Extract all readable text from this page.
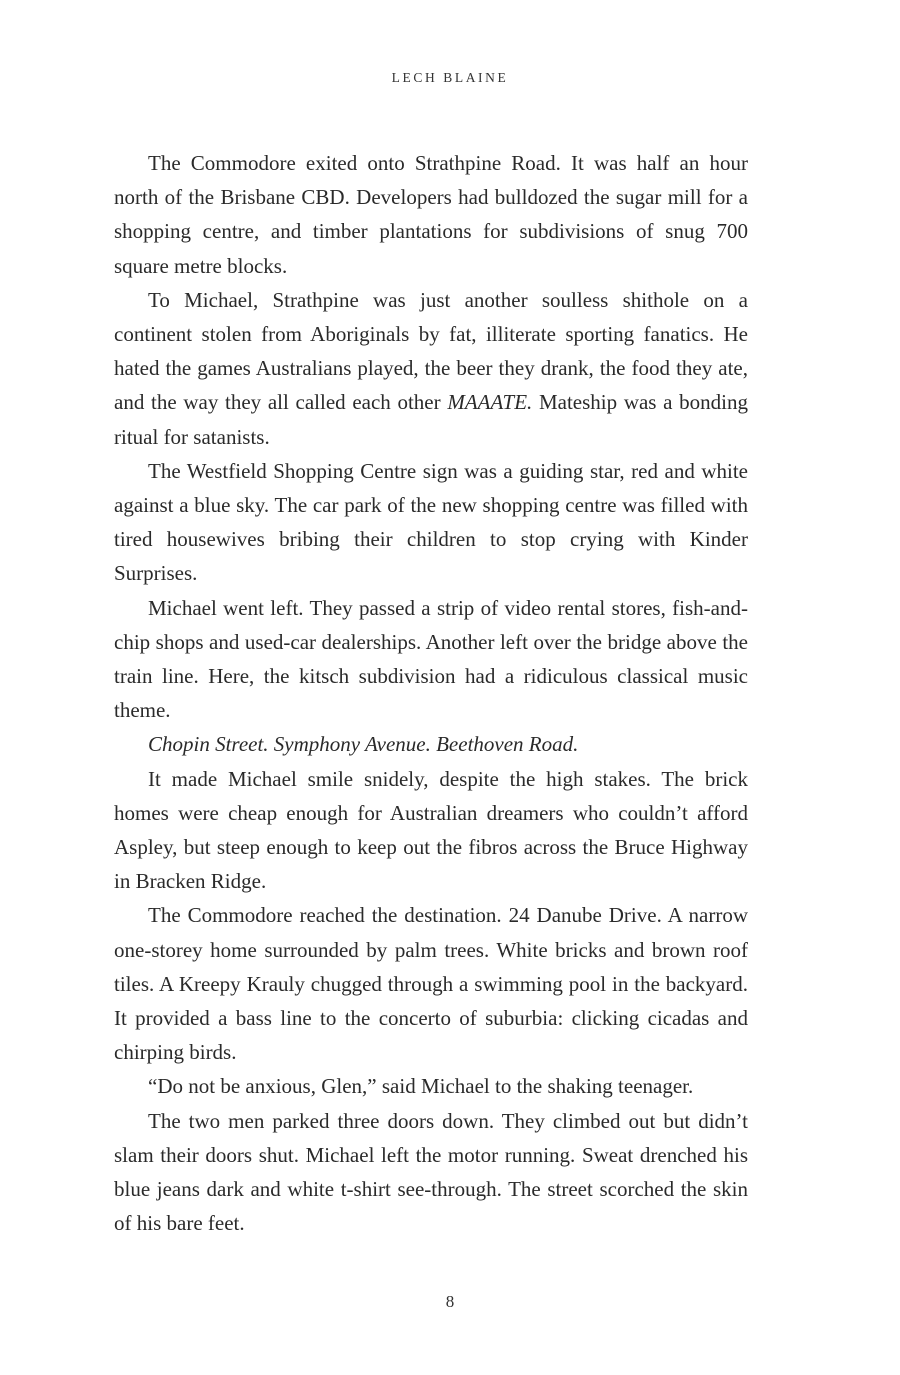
LECH BLAINE

The Commodore exited onto Strathpine Road. It was half an hour north of the Brisbane CBD. Developers had bulldozed the sugar mill for a shopping centre, and timber plantations for subdivisions of snug 700 square metre blocks.

To Michael, Strathpine was just another soulless shithole on a continent stolen from Aboriginals by fat, illiterate sporting fanatics. He hated the games Australians played, the beer they drank, the food they ate, and the way they all called each other MAAATE. Mateship was a bonding ritual for satanists.

The Westfield Shopping Centre sign was a guiding star, red and white against a blue sky. The car park of the new shopping centre was filled with tired housewives bribing their children to stop crying with Kinder Surprises.

Michael went left. They passed a strip of video rental stores, fish-and-chip shops and used-car dealerships. Another left over the bridge above the train line. Here, the kitsch subdivision had a ridiculous classical music theme.

Chopin Street. Symphony Avenue. Beethoven Road.

It made Michael smile snidely, despite the high stakes. The brick homes were cheap enough for Australian dreamers who couldn’t afford Aspley, but steep enough to keep out the fibros across the Bruce Highway in Bracken Ridge.

The Commodore reached the destination. 24 Danube Drive. A narrow one-storey home surrounded by palm trees. White bricks and brown roof tiles. A Kreepy Krauly chugged through a swimming pool in the backyard. It provided a bass line to the concerto of suburbia: clicking cicadas and chirping birds.

“Do not be anxious, Glen,” said Michael to the shaking teenager.

The two men parked three doors down. They climbed out but didn’t slam their doors shut. Michael left the motor running. Sweat drenched his blue jeans dark and white t-shirt see-through. The street scorched the skin of his bare feet.

8
